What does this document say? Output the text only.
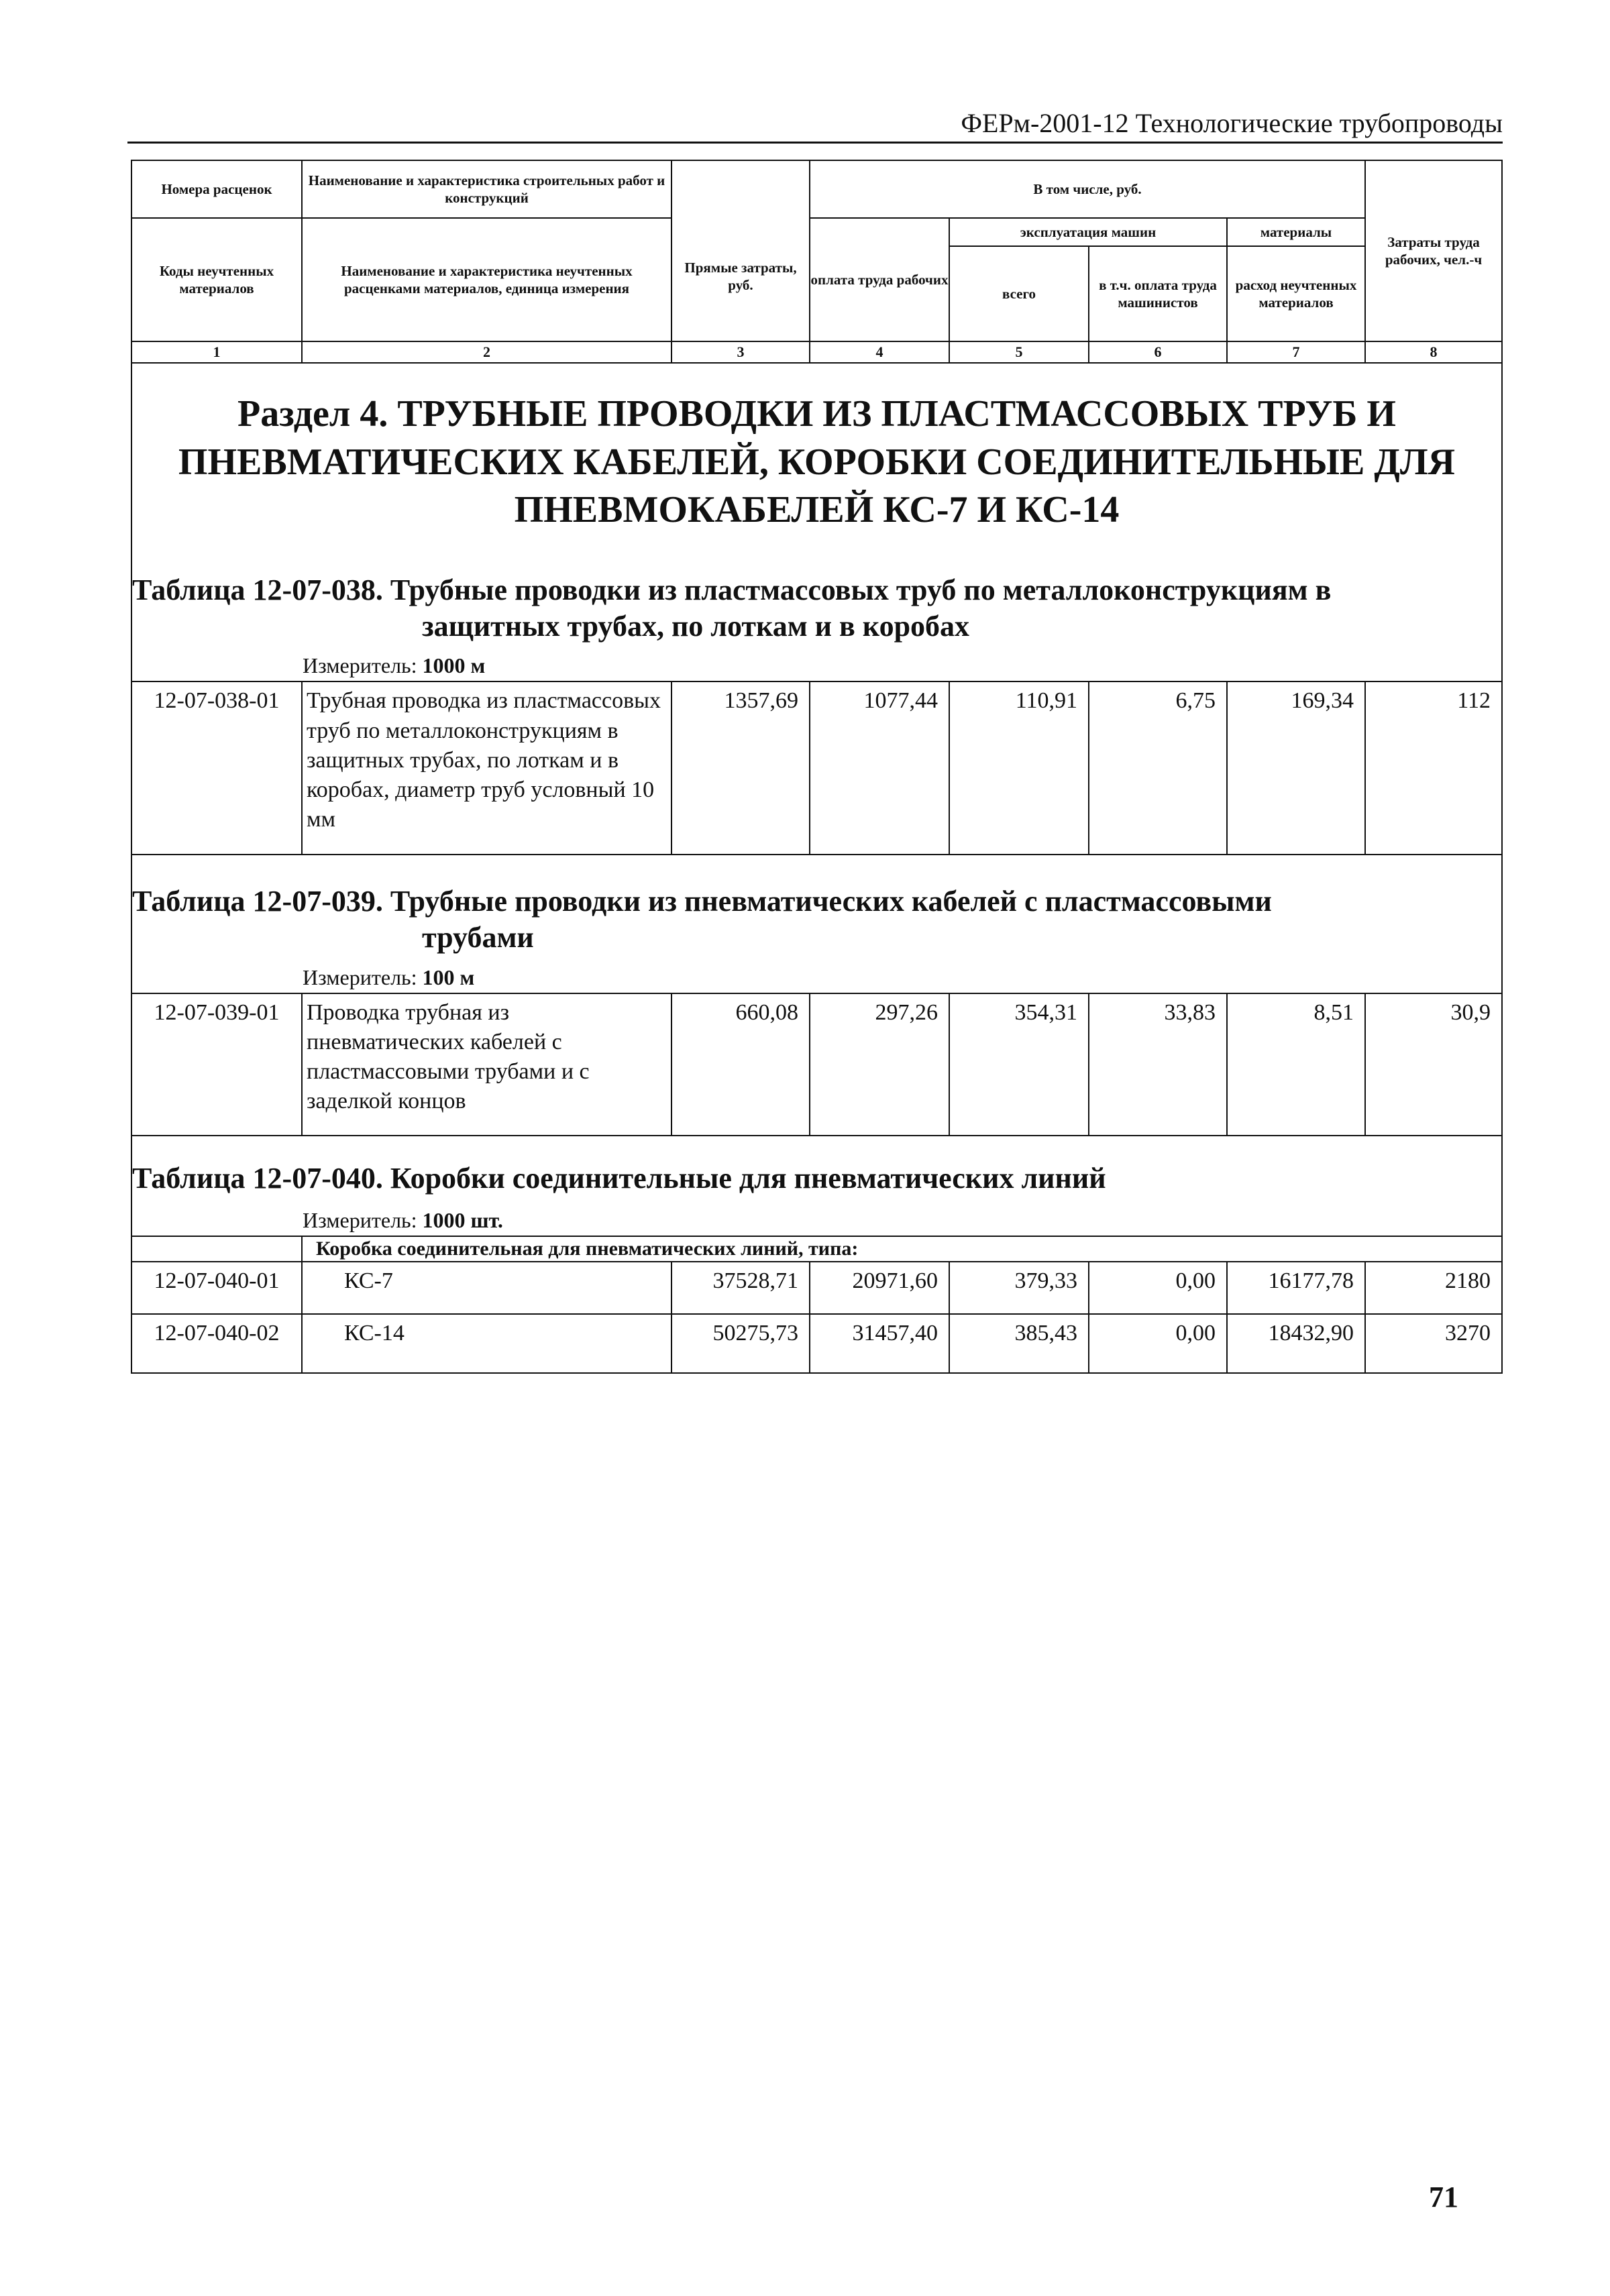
ФЕРм-2001-12 Технологические трубопроводы
Номера расценок	Наименование и характеристика строительных работ и конструкций	Прямые затраты, руб.	В том числе, руб.				Затраты труда рабочих, чел.-ч
Коды неучтенных материалов	Наименование и характеристика неучтенных расценками материалов, единица измерения		оплата труда рабочих	эксплуатация машин		материалы	
				всего	в т.ч. оплата труда машинистов	расход неучтенных материалов	
1	2	3	4	5	6	7	8

Раздел 4. ТРУБНЫЕ ПРОВОДКИ ИЗ ПЛАСТМАССОВЫХ ТРУБ И ПНЕВМАТИЧЕСКИХ КАБЕЛЕЙ, КОРОБКИ СОЕДИНИТЕЛЬНЫЕ ДЛЯ ПНЕВМОКАБЕЛЕЙ КС-7 И КС-14							

Таблица 12-07-038. Трубные проводки из пластмассовых труб по металлоконструкциям в
защитных трубах, по лоткам и в коробах
Измеритель: 1000 м							

12-07-038-01	Трубная проводка из пластмассовых труб по металлоконструкциям в защитных трубах, по лоткам и в коробах, диаметр труб условный 10 мм	1357,69	1077,44	110,91	6,75	169,34	112

Таблица 12-07-039. Трубные проводки из пневматических кабелей с пластмассовыми
трубами
Измеритель: 100 м							

12-07-039-01	Проводка трубная из пневматических кабелей с пластмассовыми трубами и с заделкой концов	660,08	297,26	354,31	33,83	8,51	30,9

Таблица 12-07-040. Коробки соединительные для пневматических линий
Измеритель: 1000 шт.							

	Коробка соединительная для пневматических линий, типа:						
12-07-040-01	КС-7	37528,71	20971,60	379,33	0,00	16177,78	2180
12-07-040-02	КС-14	50275,73	31457,40	385,43	0,00	18432,90	3270
71
